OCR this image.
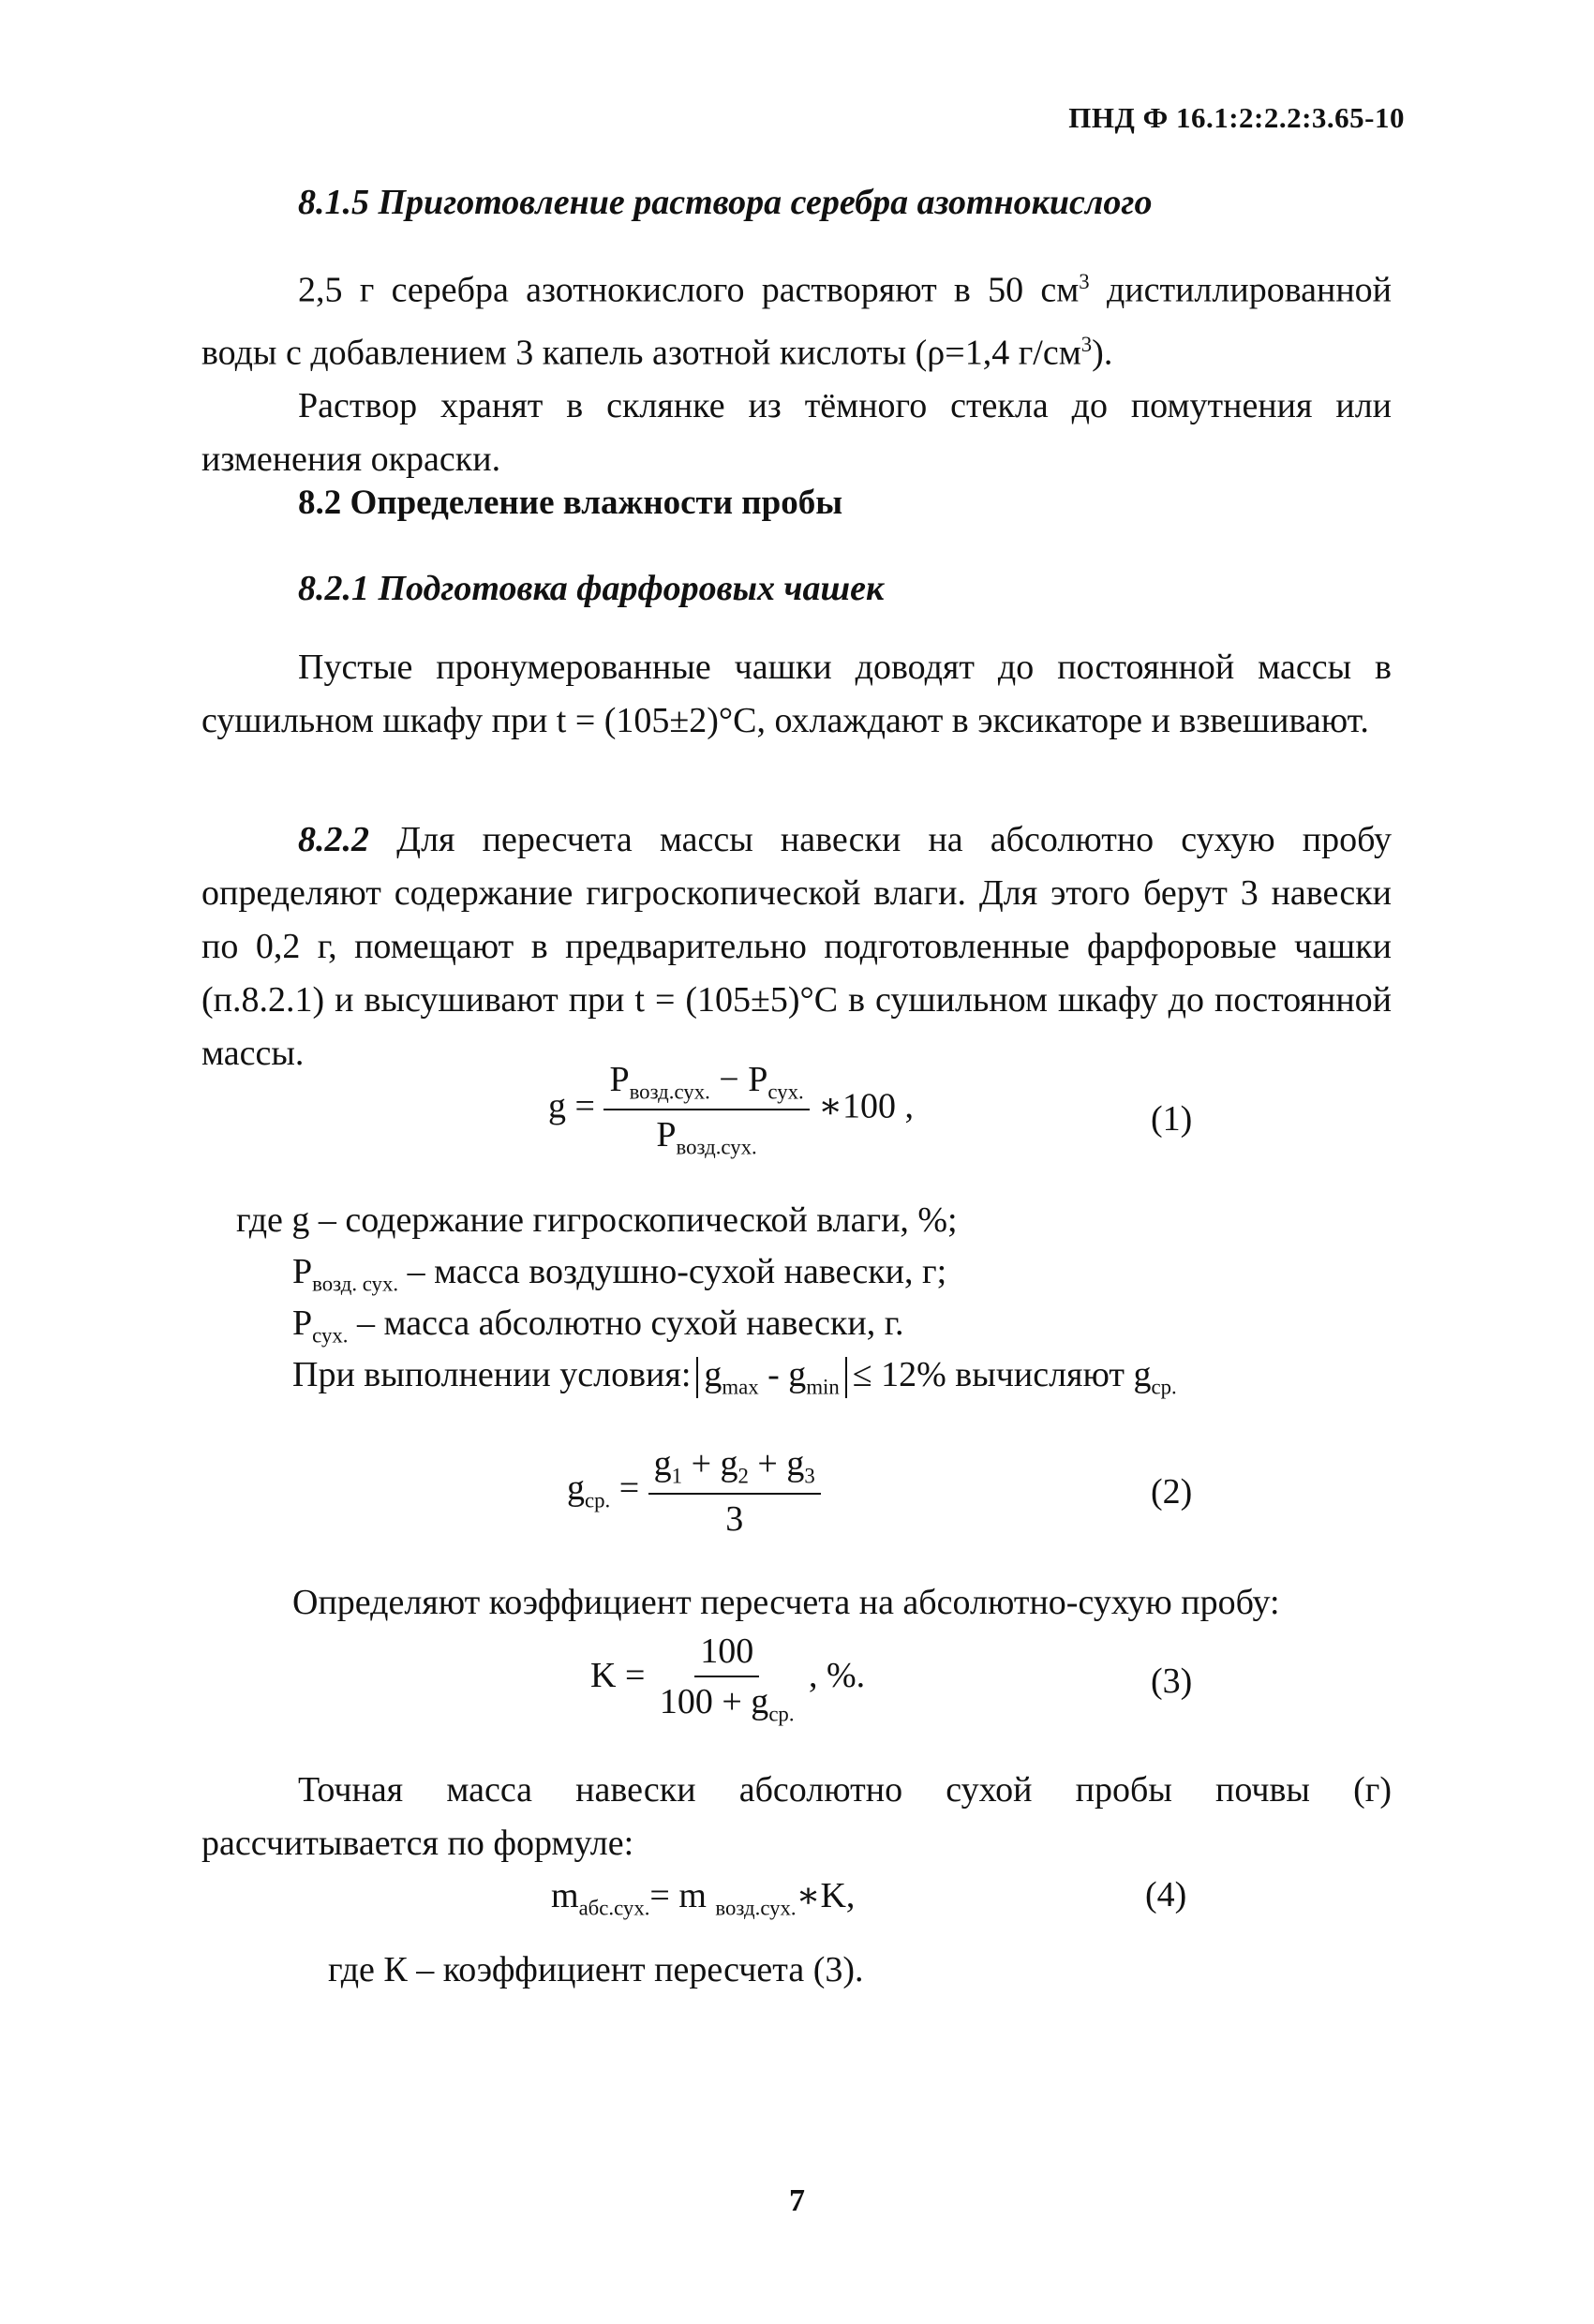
ПНД Ф 16.1:2:2.2:3.65-10

8.1.5 Приготовление раствора серебра азотнокислого

2,5 г серебра азотнокислого растворяют в 50 $см^3$ дистиллированной воды с добавлением 3 капель азотной кислоты (ρ=1,4 $г/см^3$).

Раствор хранят в склянке из тёмного стекла до помутнения или изменения окраски.

8.2 Определение влажности пробы

8.2.1 Подготовка фарфоровых чашек

Пустые пронумерованные чашки доводят до постоянной массы в сушильном шкафу при t = (105±2)°С, охлаждают в эксикаторе и взвешивают.

8.2.2 Для пересчета массы навески на абсолютно сухую пробу определяют содержание гигроскопической влаги. Для этого берут 3 навески по 0,2 г, помещают в предварительно подготовленные фарфоровые чашки (п.8.2.1) и высушивают при t = (105±5)°С в сушильном шкафу до постоянной массы.

$g = \frac{P_{возд.сух.} - P_{сух.}}{P_{возд.сух.}}$ ∗100 ,	(1)
где g – содержание гигроскопической влаги, %;
$P_{возд. сух.}$ – масса воздушно-сухой навески, г;
$P_{сух.}$ – масса абсолютно сухой навески, г.
При выполнении условия: $g_{max} - g_{min} \le 12\%$ вычисляют $g_{ср.}$
$g_{ср.} = \frac{g_1 + g_2 + g_3}{3}$	(2)
Определяют коэффициент пересчета на абсолютно-сухую пробу:
$K = \frac{100}{100 + g_{ср.}}$ , %.	(3)

Точная масса навески абсолютно сухой пробы почвы (г) рассчитывается по формуле:

$m_{абс.сух.}= m$ $_{возд.сух.}$∗K,	(4)
где К – коэффициент пересчета (3).
7
